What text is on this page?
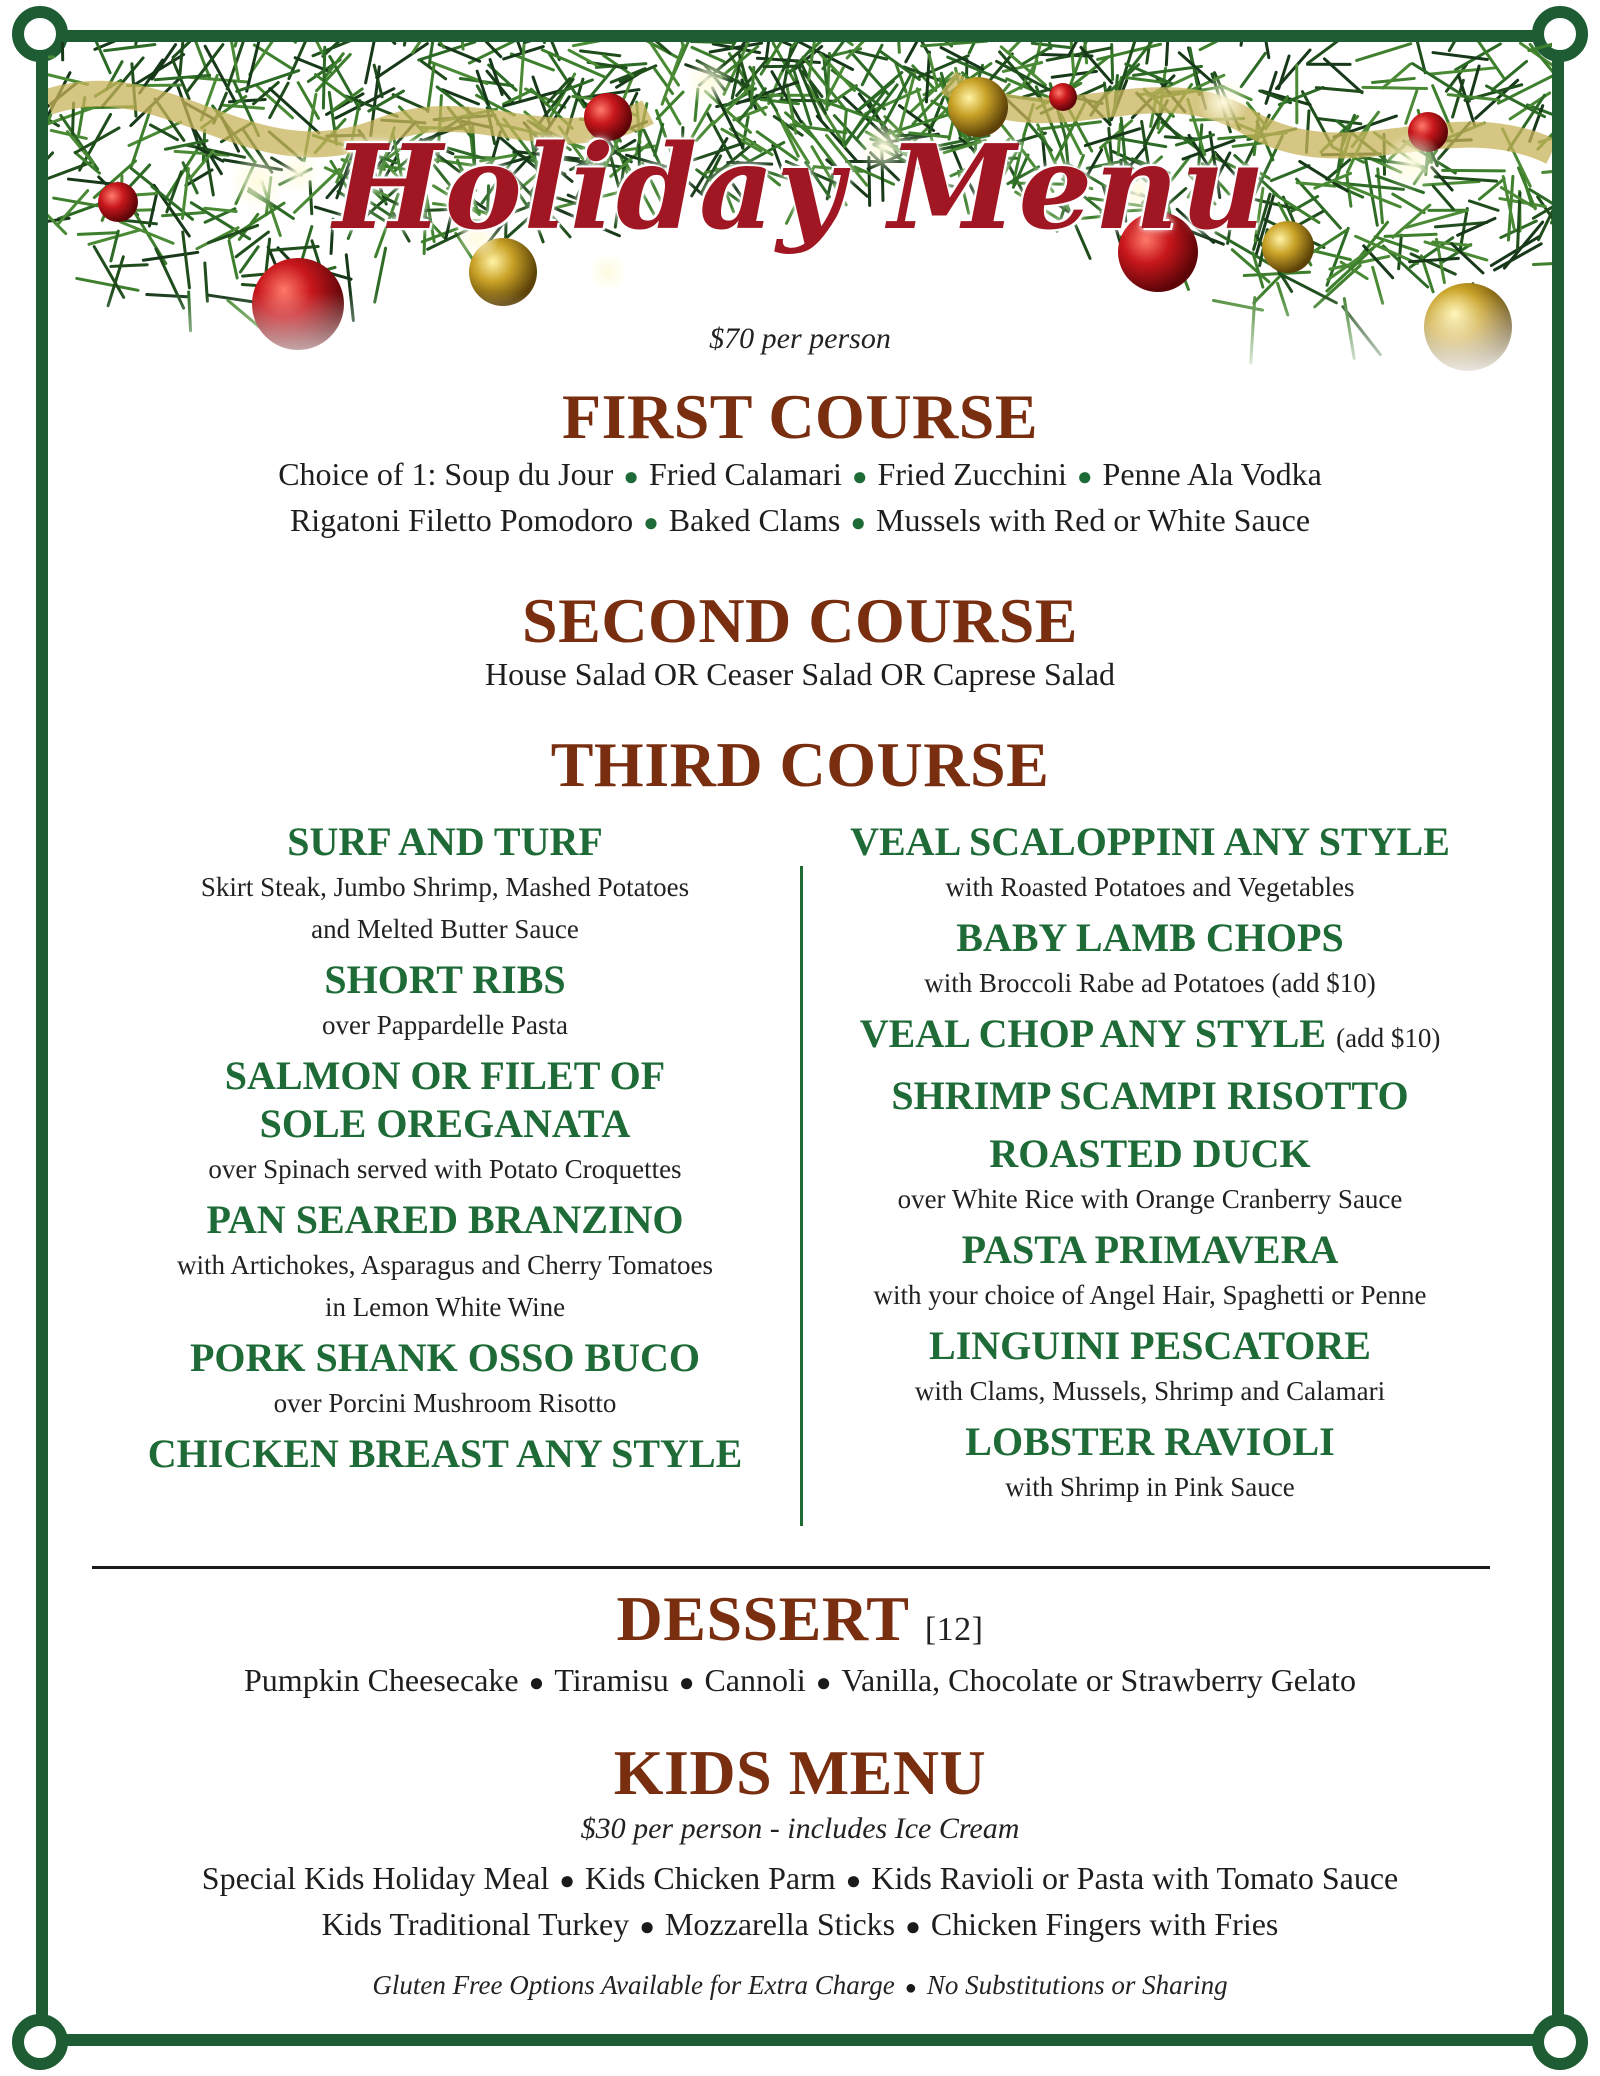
Holiday Menu
$70 per person
FIRST COURSE
Choice of 1: Soup du Jour ● Fried Calamari ● Fried Zucchini ● Penne Ala Vodka
Rigatoni Filetto Pomodoro ● Baked Clams ● Mussels with Red or White Sauce
SECOND COURSE
House Salad OR Ceaser Salad OR Caprese Salad
THIRD COURSE
SURF AND TURF
Skirt Steak, Jumbo Shrimp, Mashed Potatoes
and Melted Butter Sauce
SHORT RIBS
over Pappardelle Pasta
SALMON OR FILET OF SOLE OREGANATA
over Spinach served with Potato Croquettes
PAN SEARED BRANZINO
with Artichokes, Asparagus and Cherry Tomatoes
in Lemon White Wine
PORK SHANK OSSO BUCO
over Porcini Mushroom Risotto
CHICKEN BREAST ANY STYLE
VEAL SCALOPPINI ANY STYLE
with Roasted Potatoes and Vegetables
BABY LAMB CHOPS
with Broccoli Rabe ad Potatoes (add $10)
VEAL CHOP ANY STYLE (add $10)
SHRIMP SCAMPI RISOTTO
ROASTED DUCK
over White Rice with Orange Cranberry Sauce
PASTA PRIMAVERA
with your choice of Angel Hair, Spaghetti or Penne
LINGUINI PESCATORE
with Clams, Mussels, Shrimp and Calamari
LOBSTER RAVIOLI
with Shrimp in Pink Sauce
DESSERT [12]
Pumpkin Cheesecake ● Tiramisu ● Cannoli ● Vanilla, Chocolate or Strawberry Gelato
KIDS MENU
$30 per person - includes Ice Cream
Special Kids Holiday Meal ● Kids Chicken Parm ● Kids Ravioli or Pasta with Tomato Sauce
Kids Traditional Turkey ● Mozzarella Sticks ● Chicken Fingers with Fries
Gluten Free Options Available for Extra Charge ● No Substitutions or Sharing
